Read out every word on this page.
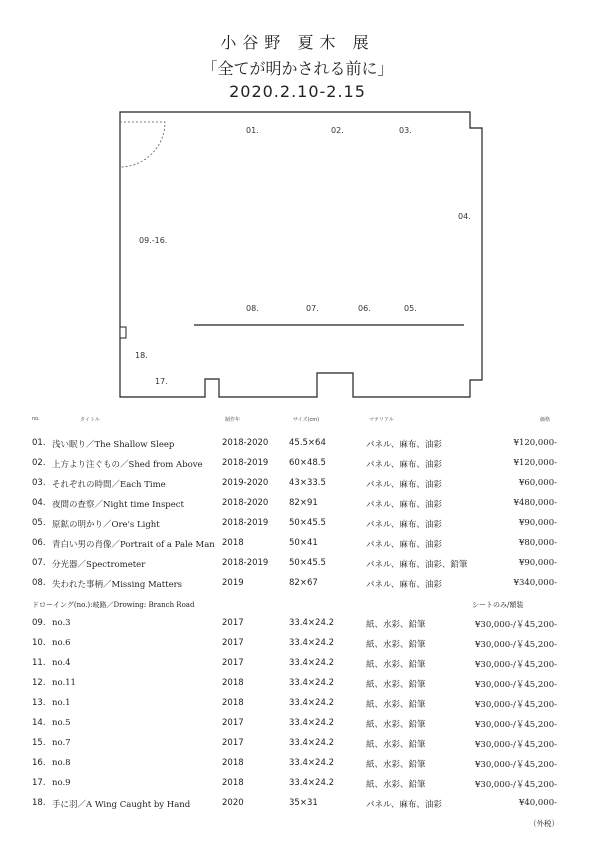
小谷野 夏木 展
「全てが明かされる前に」
2020.2.10-2.15
01.	02.	03.
04.
05.
06.
07.
08.
09.-16.
17.
18.
no.	タイトル	制作年	サイズ(cm)	マテリアル	価格
01. 浅い眠り／The Shallow Sleep	2018-2020 45.5×64	パネル、麻布、油彩	¥120,000-
02. 上方より注ぐもの／Shed from Above 2018-2019 60×48.5	パネル、麻布、油彩	¥120,000-
03. それぞれの時間／Each Time	2019-2020 43×33.5	パネル、麻布、油彩	¥60,000-
04. 夜間の査察／Night time Inspect	2018-2020 82×91	パネル、麻布、油彩	¥480,000-
05. 原鉱の明かり／Ore's Light	2018-2019 50×45.5	パネル、麻布、油彩	¥90,000-
06. 青白い男の肖像／Portrait of a Pale Man 2018	50×41	パネル、麻布、油彩	¥80,000-
07. 分光器／Spectrometer	2018-2019 50×45.5	パネル、麻布、油彩、鉛筆	¥90,000-
08. 失われた事柄／Missing Matters	2019	82×67	パネル、麻布、油彩	¥340,000-
ドローイング(no.):岐路／Drowing: Branch Road	シートのみ/額装
09. no.3	2017	33.4×24.2	紙、水彩、鉛筆	¥30,000-/￥45,200-
10. no.6	2017	33.4×24.2	紙、水彩、鉛筆	¥30,000-/￥45,200-
11. no.4	2017	33.4×24.2	紙、水彩、鉛筆	¥30,000-/￥45,200-
12. no.11	2018	33.4×24.2	紙、水彩、鉛筆	¥30,000-/￥45,200-
13. no.1	2018	33.4×24.2	紙、水彩、鉛筆	¥30,000-/￥45,200-
14. no.5	2017	33.4×24.2	紙、水彩、鉛筆	¥30,000-/￥45,200-
15. no.7	2017	33.4×24.2	紙、水彩、鉛筆	¥30,000-/￥45,200-
16. no.8	2018	33.4×24.2	紙、水彩、鉛筆	¥30,000-/￥45,200-
17. no.9	2018	33.4×24.2	紙、水彩、鉛筆	¥30,000-/￥45,200-
18. 手に羽／A Wing Caught by Hand	2020	35×31	パネル、麻布、油彩	¥40,000-
（外税）
